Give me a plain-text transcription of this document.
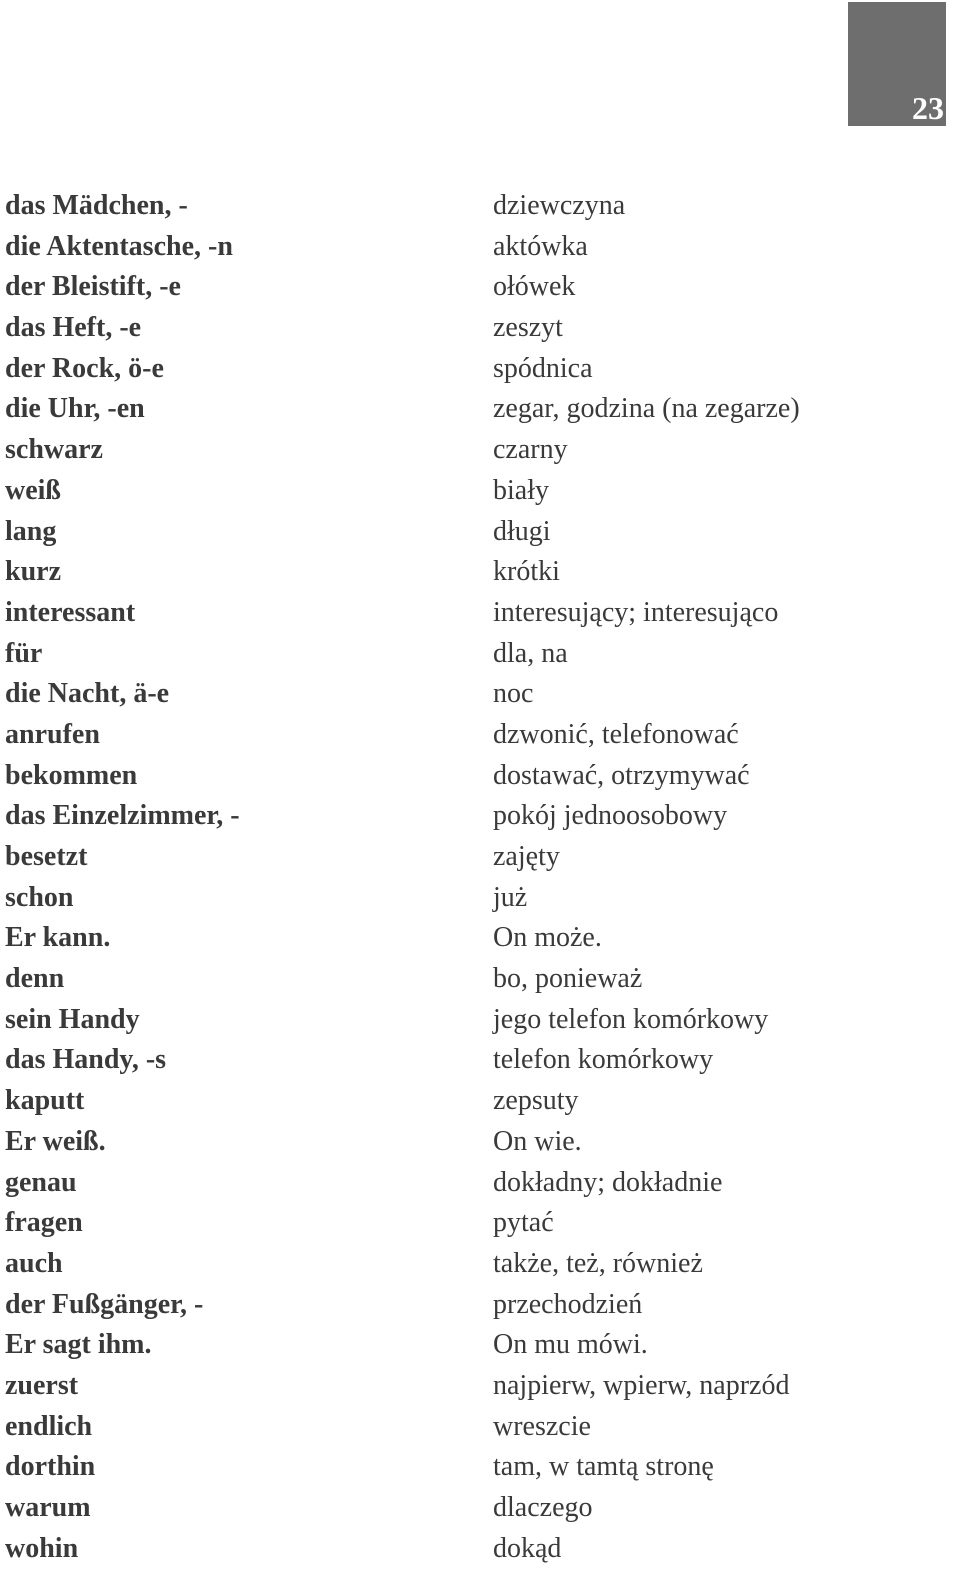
23
das Mädchen, -	dziewczyna
die Aktentasche, -n	aktówka
der Bleistift, -e	ołówek
das Heft, -e	zeszyt
der Rock, ö-e	spódnica
die Uhr, -en	zegar, godzina (na zegarze)
schwarz	czarny
weiß	biały
lang	długi
kurz	krótki
interessant	interesujący; interesująco
für	dla, na
die Nacht, ä-e	noc
anrufen	dzwonić, telefonować
bekommen	dostawać, otrzymywać
das Einzelzimmer, -	pokój jednoosobowy
besetzt	zajęty
schon	już
Er kann.	On może.
denn	bo, ponieważ
sein Handy	jego telefon komórkowy
das Handy, -s	telefon komórkowy
kaputt	zepsuty
Er weiß.	On wie.
genau	dokładny; dokładnie
fragen	pytać
auch	także, też, również
der Fußgänger, -	przechodzień
Er sagt ihm.	On mu mówi.
zuerst	najpierw, wpierw, naprzód
endlich	wreszcie
dorthin	tam, w tamtą stronę
warum	dlaczego
wohin	dokąd
